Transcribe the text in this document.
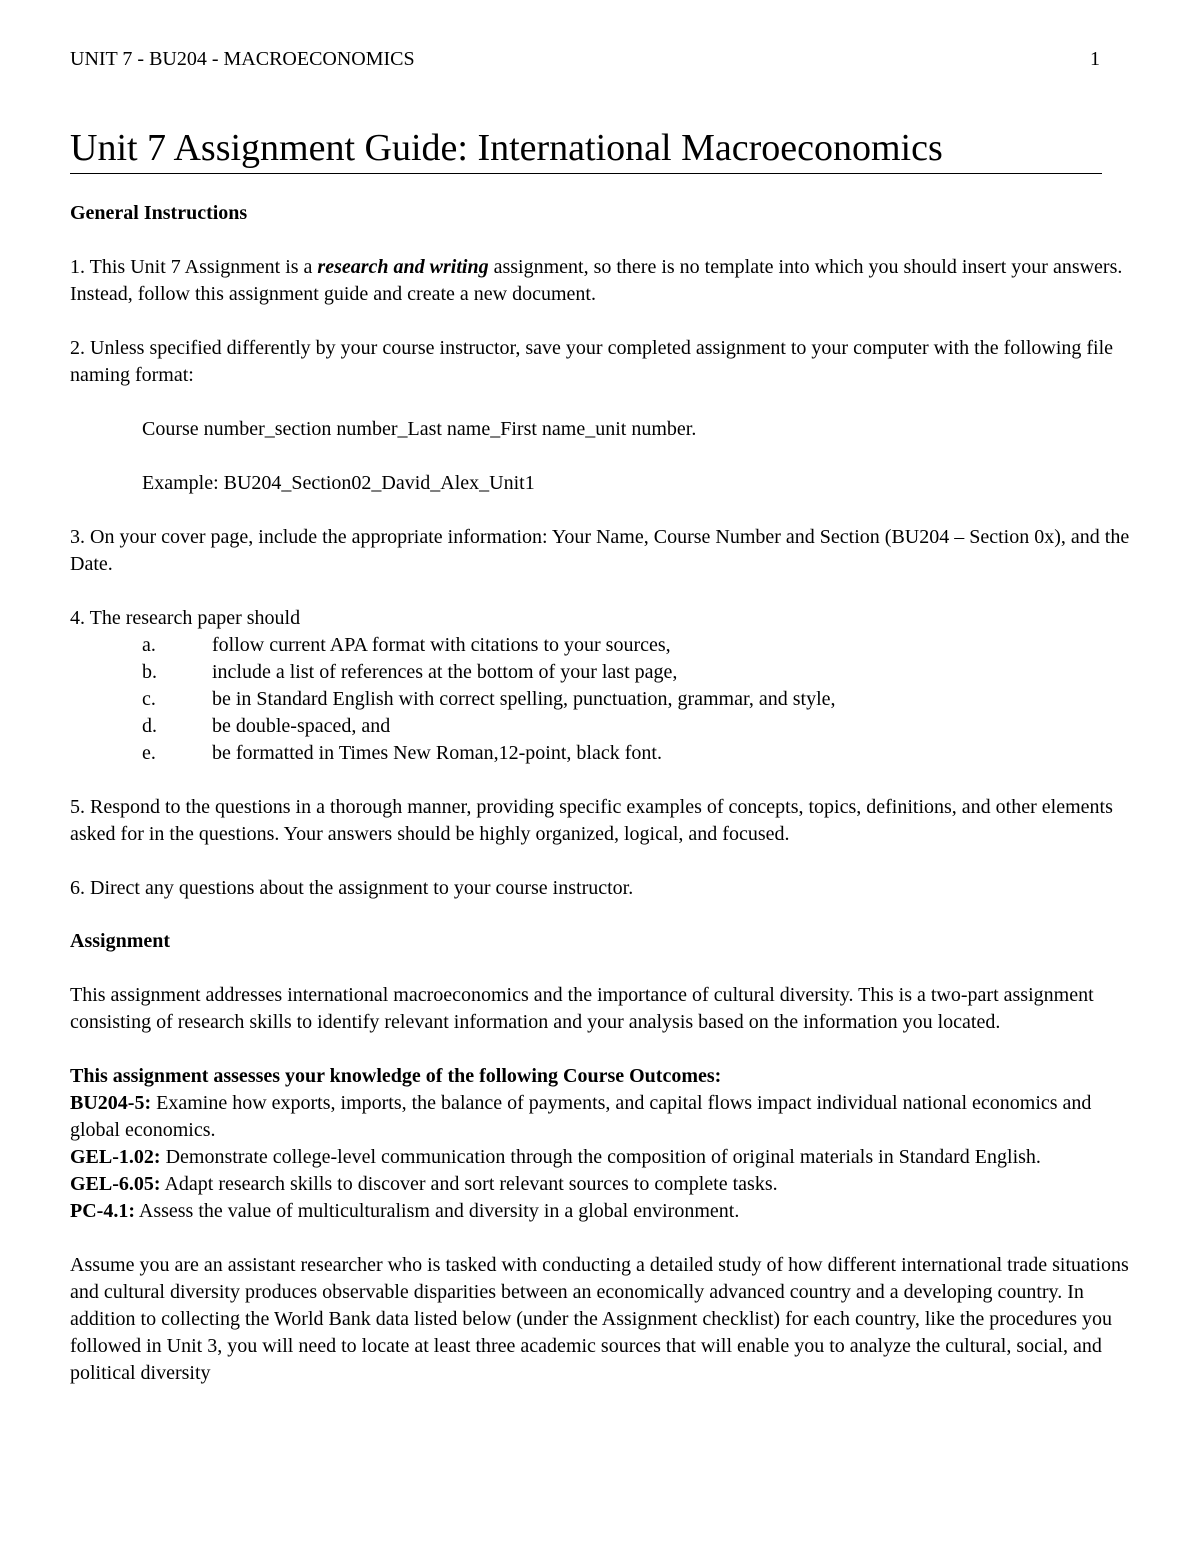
UNIT 7 - BU204 - MACROECONOMICS	1
Unit 7 Assignment Guide: International Macroeconomics

General Instructions

1. This Unit 7 Assignment is a research and writing assignment, so there is no template into which you should insert your answers. Instead, follow this assignment guide and create a new document.

2. Unless specified differently by your course instructor, save your completed assignment to your computer with the following file naming format:

Course number_section number_Last name_First name_unit number.

Example: BU204_Section02_David_Alex_Unit1

3. On your cover page, include the appropriate information: Your Name, Course Number and Section (BU204 – Section 0x), and the Date.

4. The research paper should

a.	follow current APA format with citations to your sources,
b.	include a list of references at the bottom of your last page,
c.	be in Standard English with correct spelling, punctuation, grammar, and style,
d.	be double-spaced, and
e.	be formatted in Times New Roman,12-point, black font.

5. Respond to the questions in a thorough manner, providing specific examples of concepts, topics, definitions, and other elements asked for in the questions. Your answers should be highly organized, logical, and focused.

6. Direct any questions about the assignment to your course instructor.

Assignment

This assignment addresses international macroeconomics and the importance of cultural diversity. This is a two-part assignment consisting of research skills to identify relevant information and your analysis based on the information you located.

This assignment assesses your knowledge of the following Course Outcomes:

BU204-5: Examine how exports, imports, the balance of payments, and capital flows impact individual national economics and global economics.

GEL-1.02: Demonstrate college-level communication through the composition of original materials in Standard English.

GEL-6.05: Adapt research skills to discover and sort relevant sources to complete tasks.

PC-4.1: Assess the value of multiculturalism and diversity in a global environment.

Assume you are an assistant researcher who is tasked with conducting a detailed study of how different international trade situations and cultural diversity produces observable disparities between an economically advanced country and a developing country. In addition to collecting the World Bank data listed below (under the Assignment checklist) for each country, like the procedures you followed in Unit 3, you will need to locate at least three academic sources that will enable you to analyze the cultural, social, and political diversity
